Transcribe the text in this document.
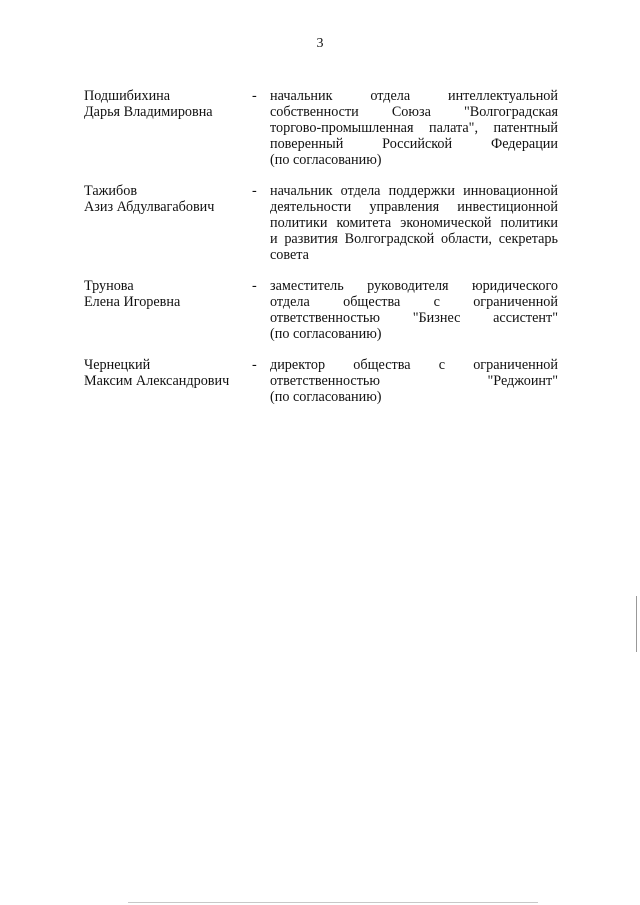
3
Подшибихина
Дарья Владимировна
- начальник отдела интеллектуальной
собственности Союза "Волгоградская
торгово-промышленная палата", патентный
поверенный Российской Федерации
(по согласованию)
Тажибов
Азиз Абдулвагабович
- начальник отдела поддержки инновационной
деятельности управления инвестиционной
политики комитета экономической политики
и развития Волгоградской области, секретарь
совета
Трунова
Елена Игоревна
- заместитель руководителя юридического
отдела общества с ограниченной
ответственностью "Бизнес ассистент"
(по согласованию)
Чернецкий
Максим Александрович
- директор общества с ограниченной
ответственностью "Реджоинт"
(по согласованию)
